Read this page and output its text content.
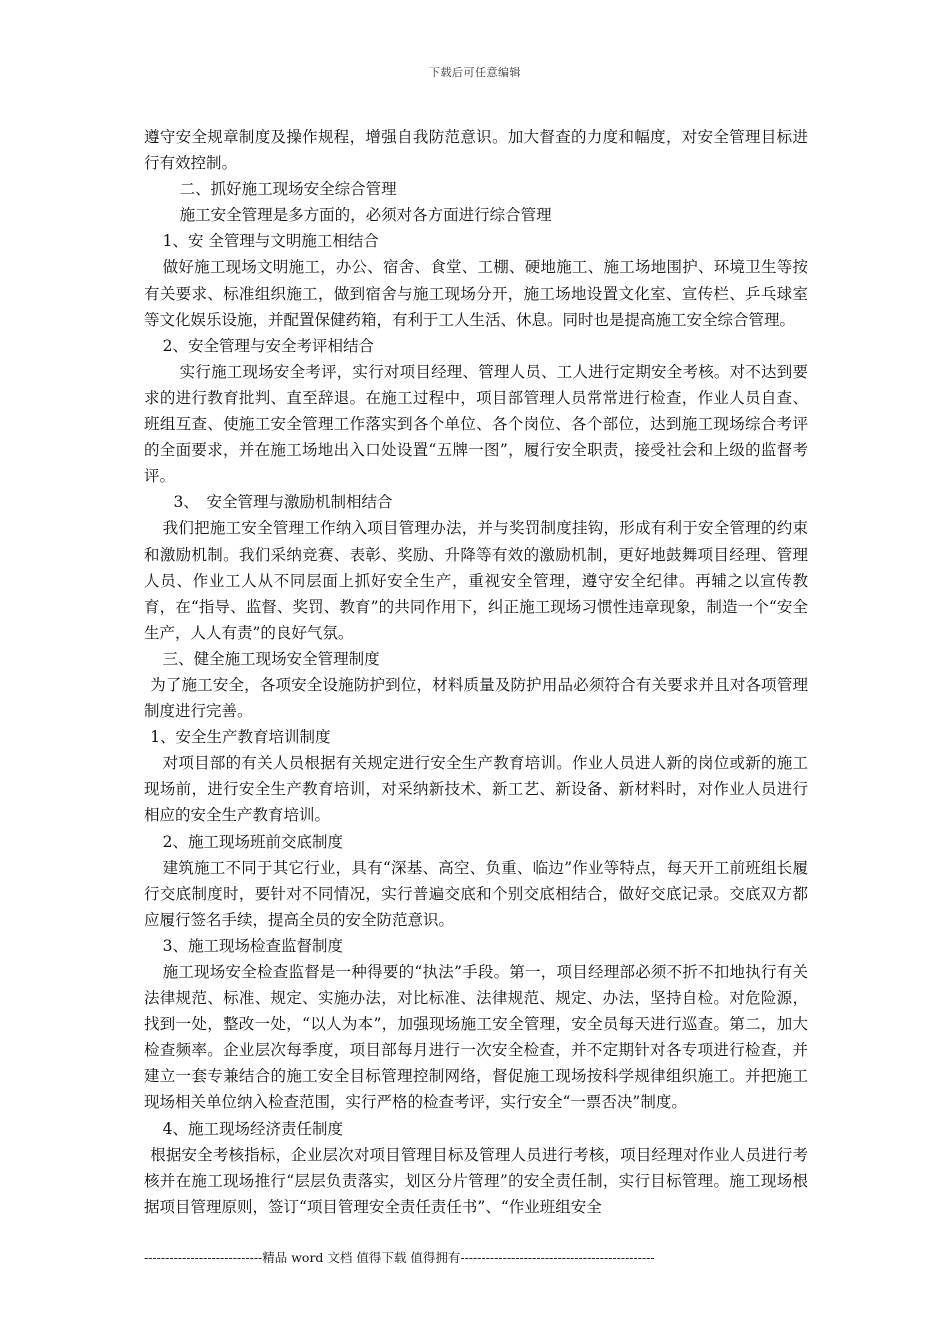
下载后可任意编辑

遵守安全规章制度及操作规程，增强自我防范意识。加大督查的力度和幅度，对安全管理目标进行有效控制。

二、抓好施工现场安全综合管理

施工安全管理是多方面的，必须对各方面进行综合管理

1、安 全管理与文明施工相结合

做好施工现场文明施工，办公、宿舍、食堂、工棚、硬地施工、施工场地围护、环境卫生等按有关要求、标准组织施工，做到宿舍与施工现场分开，施工场地设置文化室、宣传栏、乒乓球室等文化娱乐设施，并配置保健药箱，有利于工人生活、休息。同时也是提高施工安全综合管理。

2、安全管理与安全考评相结合

实行施工现场安全考评，实行对项目经理、管理人员、工人进行定期安全考核。对不达到要求的进行教育批判、直至辞退。在施工过程中，项目部管理人员常常进行检查，作业人员自查、班组互查、使施工安全管理工作落实到各个单位、各个岗位、各个部位，达到施工现场综合考评的全面要求，并在施工场地出入口处设置“五牌一图”，履行安全职责，接受社会和上级的监督考评。

3、　安全管理与激励机制相结合

我们把施工安全管理工作纳入项目管理办法，并与奖罚制度挂钩，形成有利于安全管理的约束和激励机制。我们采纳竞赛、表彰、奖励、升降等有效的激励机制，更好地鼓舞项目经理、管理人员、作业工人从不同层面上抓好安全生产，重视安全管理，遵守安全纪律。再辅之以宣传教育，在“指导、监督、奖罚、教育”的共同作用下，纠正施工现场习惯性违章现象，制造一个“安全生产，人人有责”的良好气氛。

三、健全施工现场安全管理制度

为了施工安全，各项安全设施防护到位，材料质量及防护用品必须符合有关要求并且对各项管理制度进行完善。

1、安全生产教育培训制度

对项目部的有关人员根据有关规定进行安全生产教育培训。作业人员进人新的岗位或新的施工现场前，进行安全生产教育培训，对采纳新技术、新工艺、新设备、新材料时，对作业人员进行相应的安全生产教育培训。

2、施工现场班前交底制度

建筑施工不同于其它行业，具有“深基、高空、负重、临边”作业等特点，每天开工前班组长履行交底制度时，要针对不同情况，实行普遍交底和个别交底相结合，做好交底记录。交底双方都应履行签名手续，提高全员的安全防范意识。

3、施工现场检查监督制度

施工现场安全检查监督是一种得要的“执法”手段。第一，项目经理部必须不折不扣地执行有关法律规范、标准、规定、实施办法，对比标准、法律规范、规定、办法，坚持自检。对危险源，找到一处，整改一处，“以人为本”，加强现场施工安全管理，安全员每天进行巡查。第二，加大检查频率。企业层次每季度，项目部每月进行一次安全检查，并不定期针对各专项进行检查，并建立一套专兼结合的施工安全目标管理控制网络，督促施工现场按科学规律组织施工。并把施工现场相关单位纳入检查范围，实行严格的检查考评，实行安全“一票否决”制度。

4、施工现场经济责任制度

根据安全考核指标，企业层次对项目管理目标及管理人员进行考核，项目经理对作业人员进行考核并在施工现场推行“层层负责落实，划区分片管理”的安全责任制，实行目标管理。施工现场根据项目管理原则，签订“项目管理安全责任责任书”、“作业班组安全

----------------------------精品 word 文档 值得下载 值得拥有----------------------------------------------
